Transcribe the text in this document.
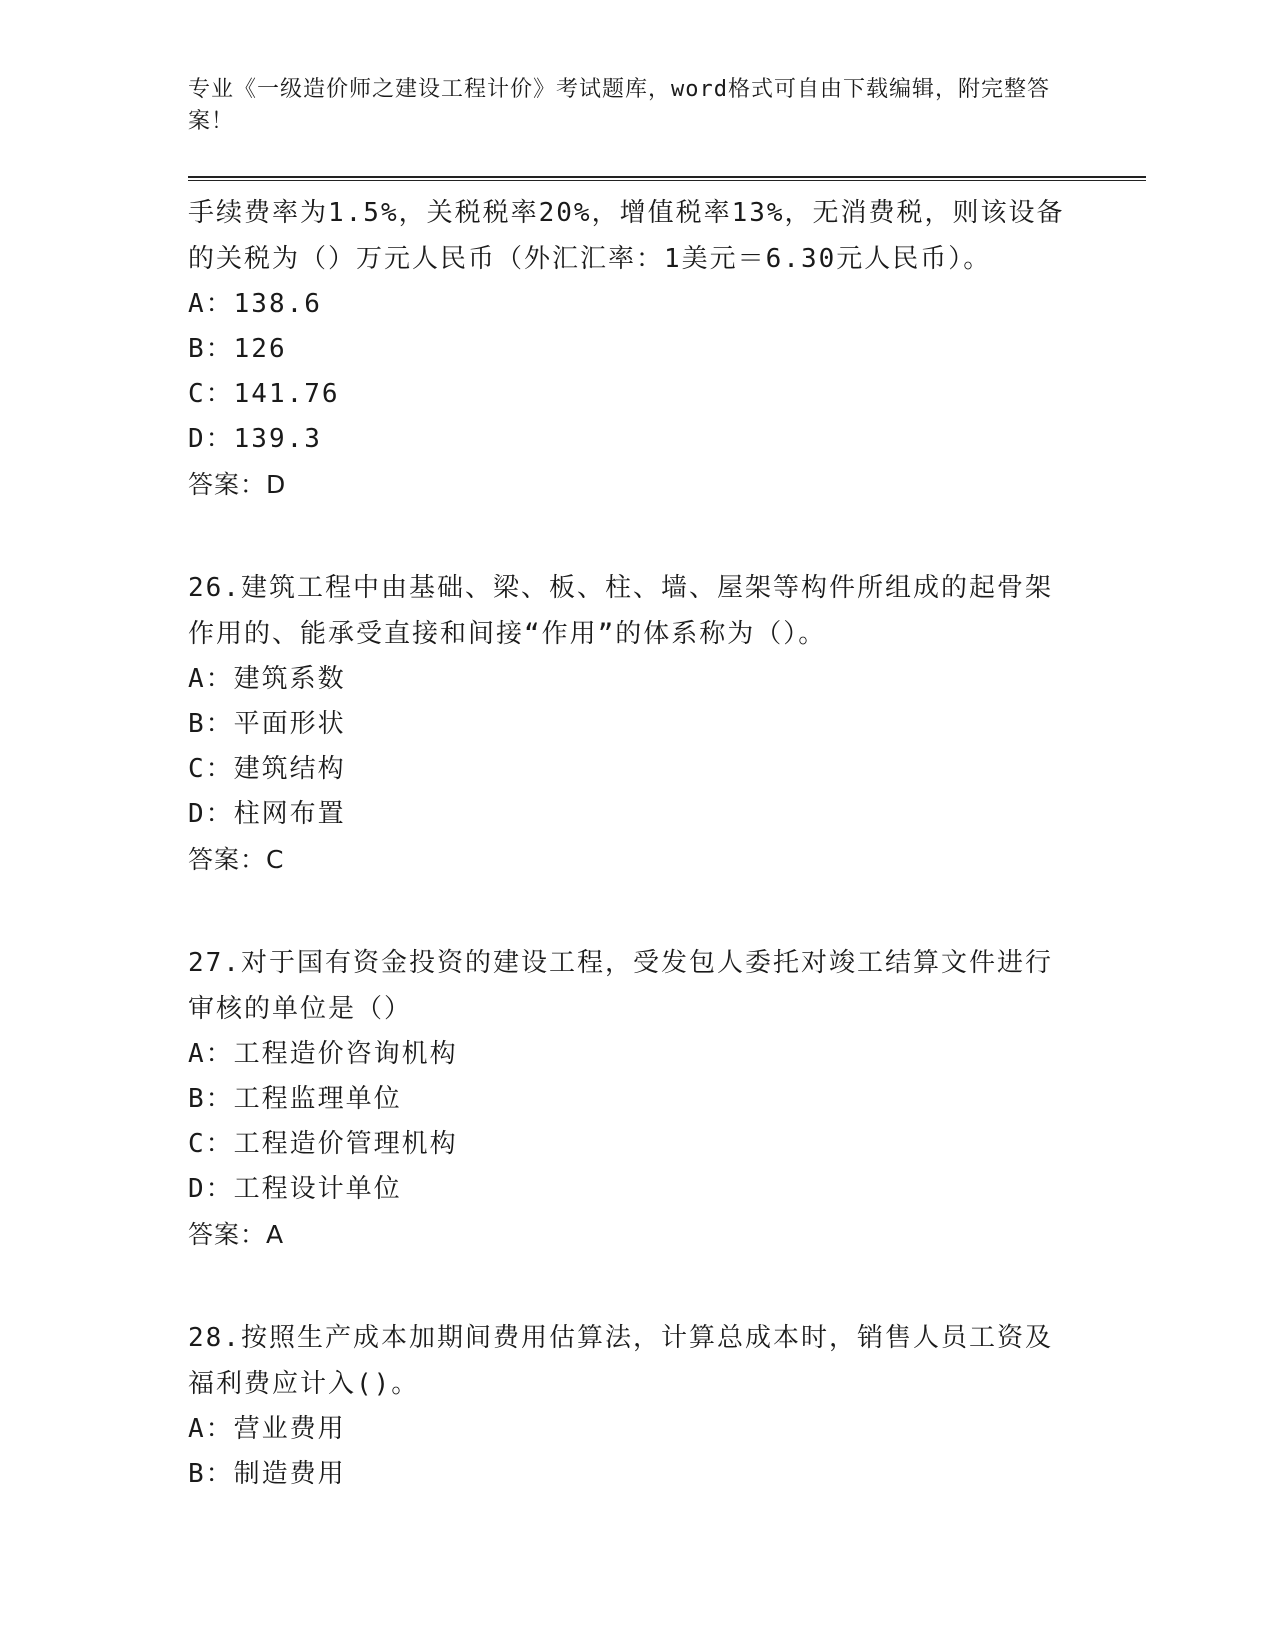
专业《一级造价师之建设工程计价》考试题库，word格式可自由下载编辑，附完整答案！

手续费率为1.5%，关税税率20%，增值税率13%，无消费税，则该设备的关税为（）万元人民币（外汇汇率：1美元＝6.30元人民币）。

A：138.6

B：126

C：141.76

D：139.3

答案：D

26.建筑工程中由基础、梁、板、柱、墙、屋架等构件所组成的起骨架作用的、能承受直接和间接“作用”的体系称为（）。

A：建筑系数

B：平面形状

C：建筑结构

D：柱网布置

答案：C

27.对于国有资金投资的建设工程，受发包人委托对竣工结算文件进行审核的单位是（）

A：工程造价咨询机构

B：工程监理单位

C：工程造价管理机构

D：工程设计单位

答案：A

28.按照生产成本加期间费用估算法，计算总成本时，销售人员工资及福利费应计入()。

A：营业费用

B：制造费用
